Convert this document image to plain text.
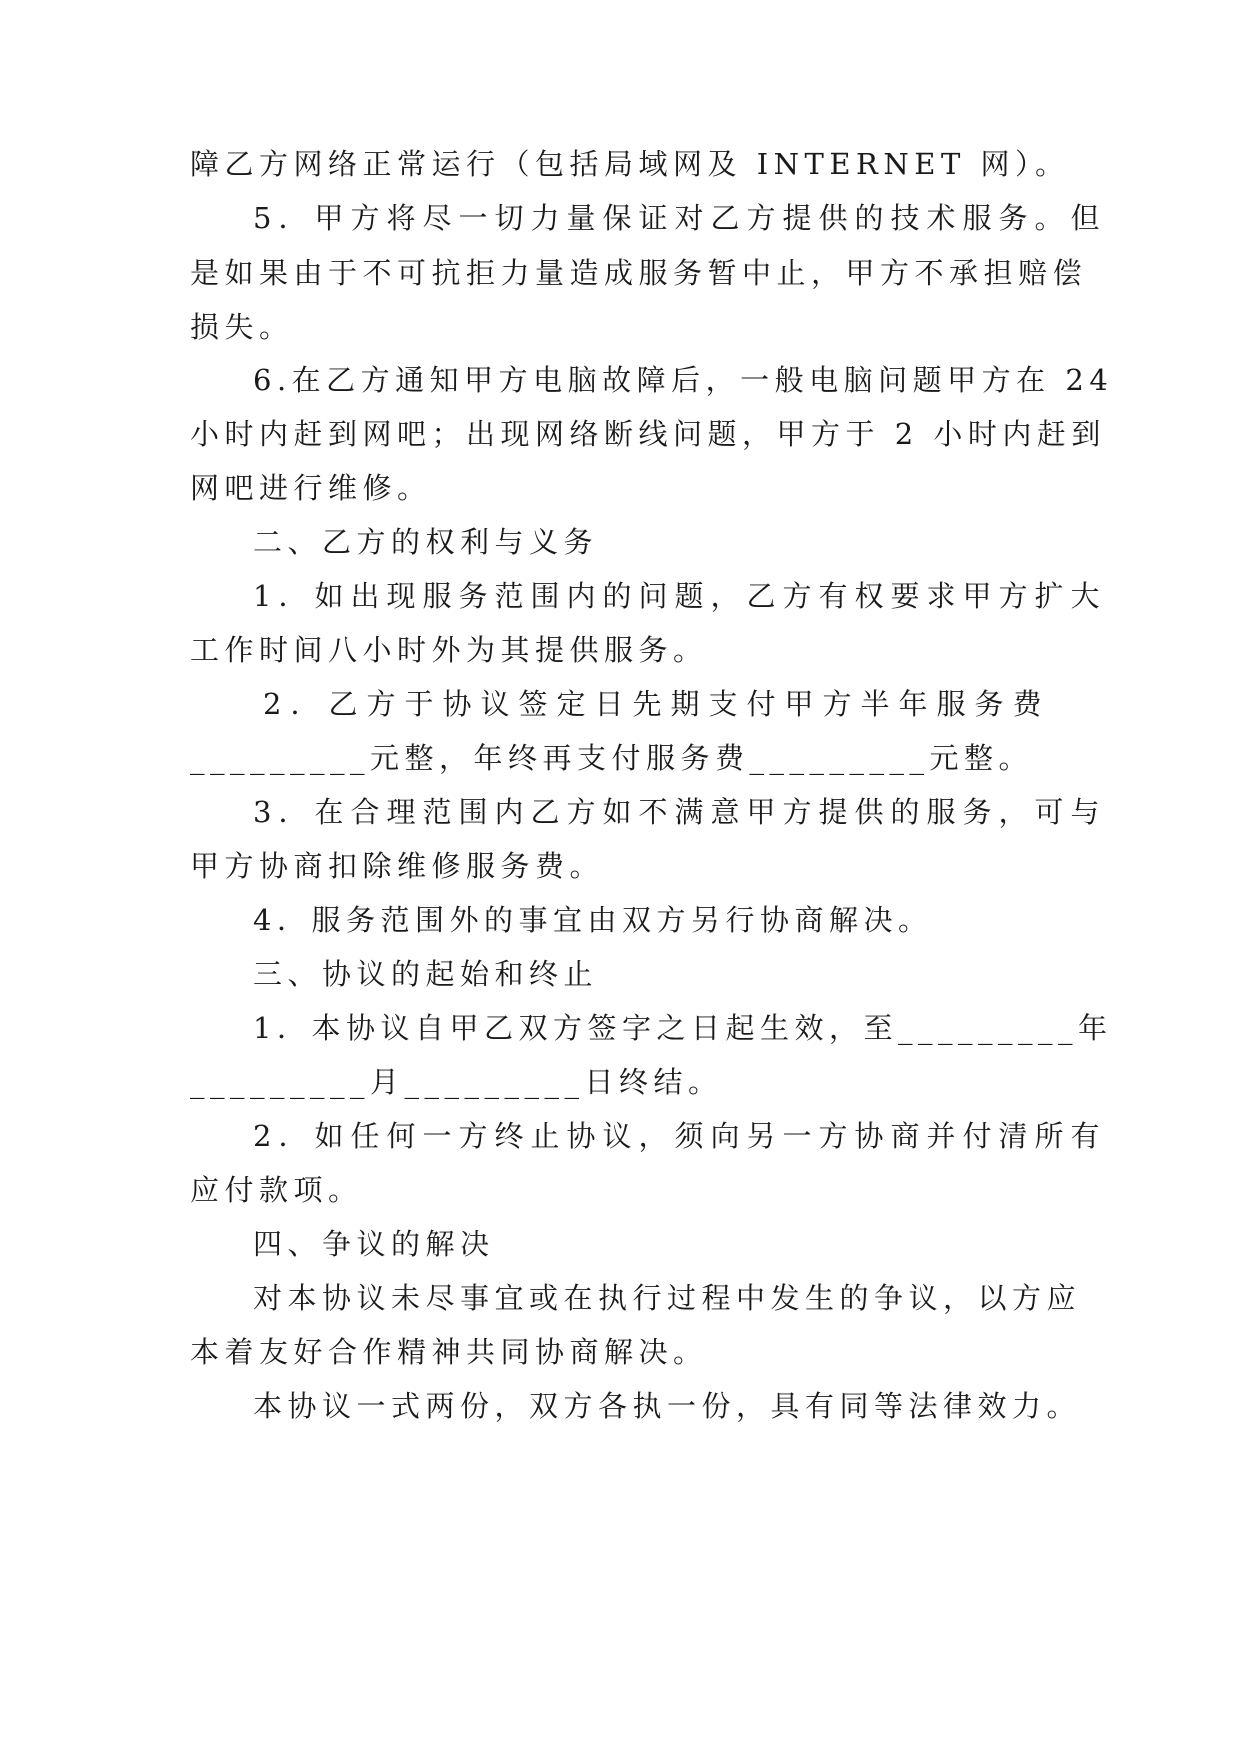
障乙方网络正常运行（包括局域网及 INTERNET 网）。
5．甲方将尽一切力量保证对乙方提供的技术服务。但
是如果由于不可抗拒力量造成服务暂中止，甲方不承担赔偿
损失。
6.在乙方通知甲方电脑故障后，一般电脑问题甲方在 24
小时内赶到网吧；出现网络断线问题，甲方于 2 小时内赶到
网吧进行维修。
二、乙方的权利与义务
1．如出现服务范围内的问题，乙方有权要求甲方扩大
工作时间八小时外为其提供服务。
2．乙方于协议签定日先期支付甲方半年服务费
_________元整，年终再支付服务费_________元整。
3．在合理范围内乙方如不满意甲方提供的服务，可与
甲方协商扣除维修服务费。
4．服务范围外的事宜由双方另行协商解决。
三、协议的起始和终止
1．本协议自甲乙双方签字之日起生效，至_________年
_________月_________日终结。
2．如任何一方终止协议，须向另一方协商并付清所有
应付款项。
四、争议的解决
对本协议未尽事宜或在执行过程中发生的争议，以方应
本着友好合作精神共同协商解决。
本协议一式两份，双方各执一份，具有同等法律效力。
